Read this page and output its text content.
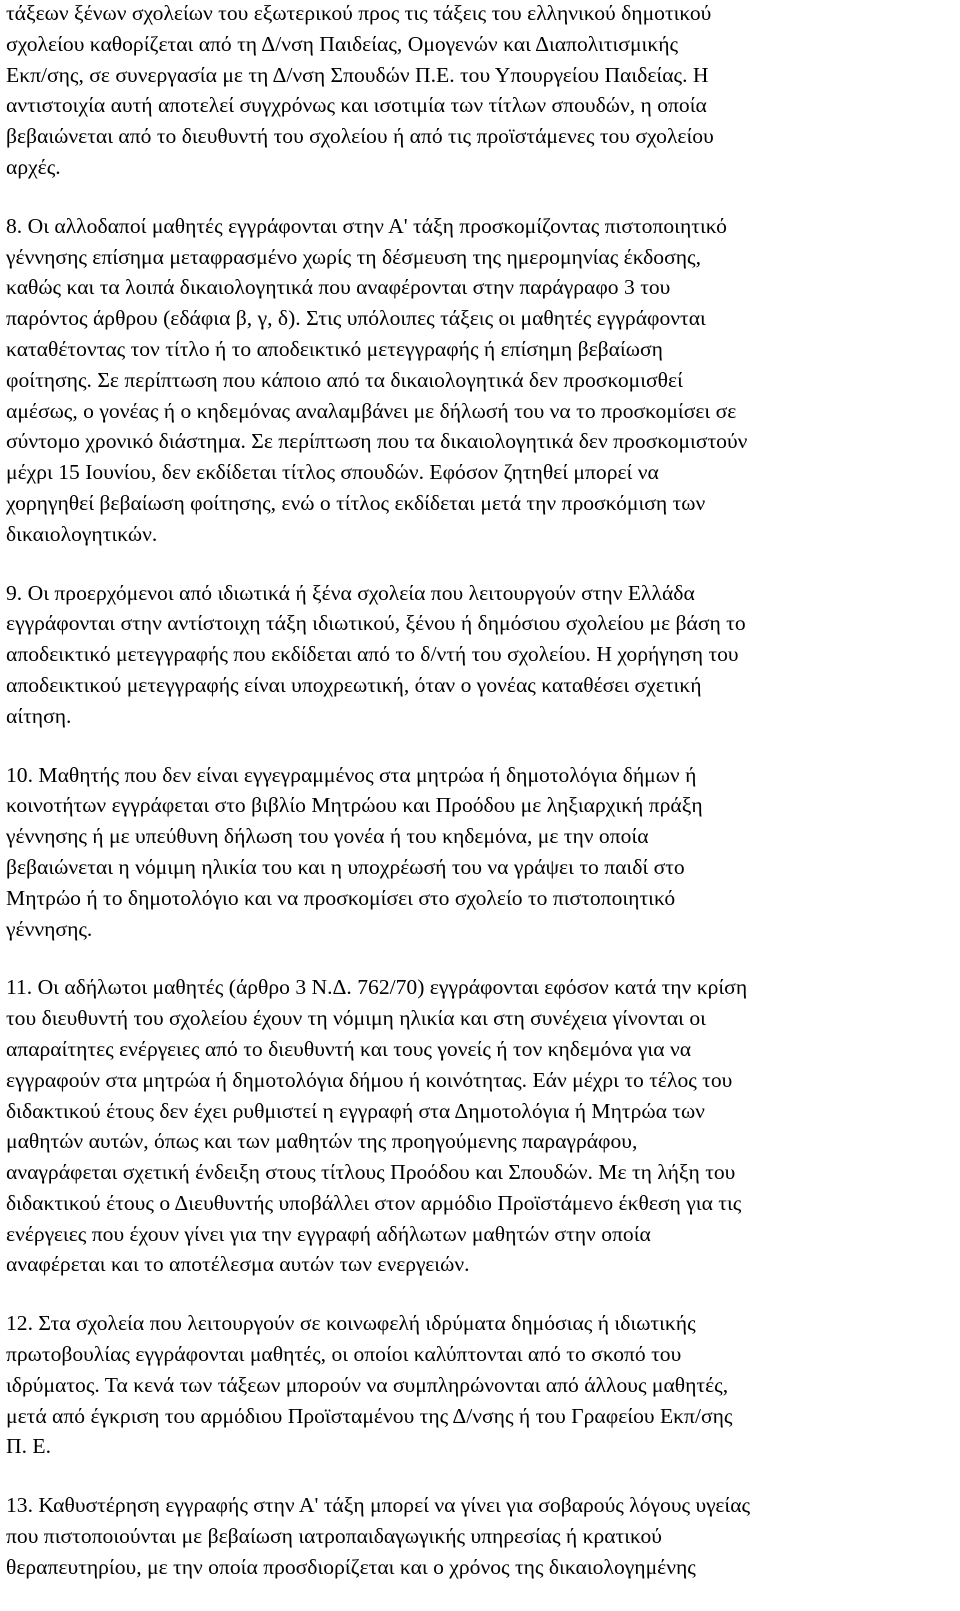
τάξεων ξένων σχολείων του εξωτερικού προς τις τάξεις του ελληνικού δημοτικού
σχολείου καθορίζεται από τη Δ/νση Παιδείας, Ομογενών και Διαπολιτισμικής
Εκπ/σης, σε συνεργασία με τη Δ/νση Σπουδών Π.Ε. του Υπουργείου Παιδείας. Η
αντιστοιχία αυτή αποτελεί συγχρόνως και ισοτιμία των τίτλων σπουδών, η οποία
βεβαιώνεται από το διευθυντή του σχολείου ή από τις προϊστάμενες του σχολείου
αρχές.

8. Οι αλλοδαποί μαθητές εγγράφονται στην Α' τάξη προσκομίζοντας πιστοποιητικό
γέννησης επίσημα μεταφρασμένο χωρίς τη δέσμευση της ημερομηνίας έκδοσης,
καθώς και τα λοιπά δικαιολογητικά που αναφέρονται στην παράγραφο 3 του
παρόντος άρθρου (εδάφια β, γ, δ). Στις υπόλοιπες τάξεις οι μαθητές εγγράφονται
καταθέτοντας τον τίτλο ή το αποδεικτικό μετεγγραφής ή επίσημη βεβαίωση
φοίτησης. Σε περίπτωση που κάποιο από τα δικαιολογητικά δεν προσκομισθεί
αμέσως, ο γονέας ή ο κηδεμόνας αναλαμβάνει με δήλωσή του να το προσκομίσει σε
σύντομο χρονικό διάστημα. Σε περίπτωση που τα δικαιολογητικά δεν προσκομιστούν
μέχρι 15 Ιουνίου, δεν εκδίδεται τίτλος σπουδών. Εφόσον ζητηθεί μπορεί να
χορηγηθεί βεβαίωση φοίτησης, ενώ ο τίτλος εκδίδεται μετά την προσκόμιση των
δικαιολογητικών.

9. Οι προερχόμενοι από ιδιωτικά ή ξένα σχολεία που λειτουργούν στην Ελλάδα
εγγράφονται στην αντίστοιχη τάξη ιδιωτικού, ξένου ή δημόσιου σχολείου με βάση το
αποδεικτικό μετεγγραφής που εκδίδεται από το δ/ντή του σχολείου. Η χορήγηση του
αποδεικτικού μετεγγραφής είναι υποχρεωτική, όταν ο γονέας καταθέσει σχετική
αίτηση.

10. Μαθητής που δεν είναι εγγεγραμμένος στα μητρώα ή δημοτολόγια δήμων ή
κοινοτήτων εγγράφεται στο βιβλίο Μητρώου και Προόδου με ληξιαρχική πράξη
γέννησης ή με υπεύθυνη δήλωση του γονέα ή του κηδεμόνα, με την οποία
βεβαιώνεται η νόμιμη ηλικία του και η υποχρέωσή του να γράψει το παιδί στο
Μητρώο ή το δημοτολόγιο και να προσκομίσει στο σχολείο το πιστοποιητικό
γέννησης.

11. Οι αδήλωτοι μαθητές (άρθρο 3 Ν.Δ. 762/70) εγγράφονται εφόσον κατά την κρίση
του διευθυντή του σχολείου έχουν τη νόμιμη ηλικία και στη συνέχεια γίνονται οι
απαραίτητες ενέργειες από το διευθυντή και τους γονείς ή τον κηδεμόνα για να
εγγραφούν στα μητρώα ή δημοτολόγια δήμου ή κοινότητας. Εάν μέχρι το τέλος του
διδακτικού έτους δεν έχει ρυθμιστεί η εγγραφή στα Δημοτολόγια ή Μητρώα των
μαθητών αυτών, όπως και των μαθητών της προηγούμενης παραγράφου,
αναγράφεται σχετική ένδειξη στους τίτλους Προόδου και Σπουδών. Με τη λήξη του
διδακτικού έτους ο Διευθυντής υποβάλλει στον αρμόδιο Προϊστάμενο έκθεση για τις
ενέργειες που έχουν γίνει για την εγγραφή αδήλωτων μαθητών στην οποία
αναφέρεται και το αποτέλεσμα αυτών των ενεργειών.

12. Στα σχολεία που λειτουργούν σε κοινωφελή ιδρύματα δημόσιας ή ιδιωτικής
πρωτοβουλίας εγγράφονται μαθητές, οι οποίοι καλύπτονται από το σκοπό του
ιδρύματος. Τα κενά των τάξεων μπορούν να συμπληρώνονται από άλλους μαθητές,
μετά από έγκριση του αρμόδιου Προϊσταμένου της Δ/νσης ή του Γραφείου Εκπ/σης
Π. Ε.

13. Καθυστέρηση εγγραφής στην Α' τάξη μπορεί να γίνει για σοβαρούς λόγους υγείας
που πιστοποιούνται με βεβαίωση ιατροπαιδαγωγικής υπηρεσίας ή κρατικού
θεραπευτηρίου, με την οποία προσδιορίζεται και ο χρόνος της δικαιολογημένης
